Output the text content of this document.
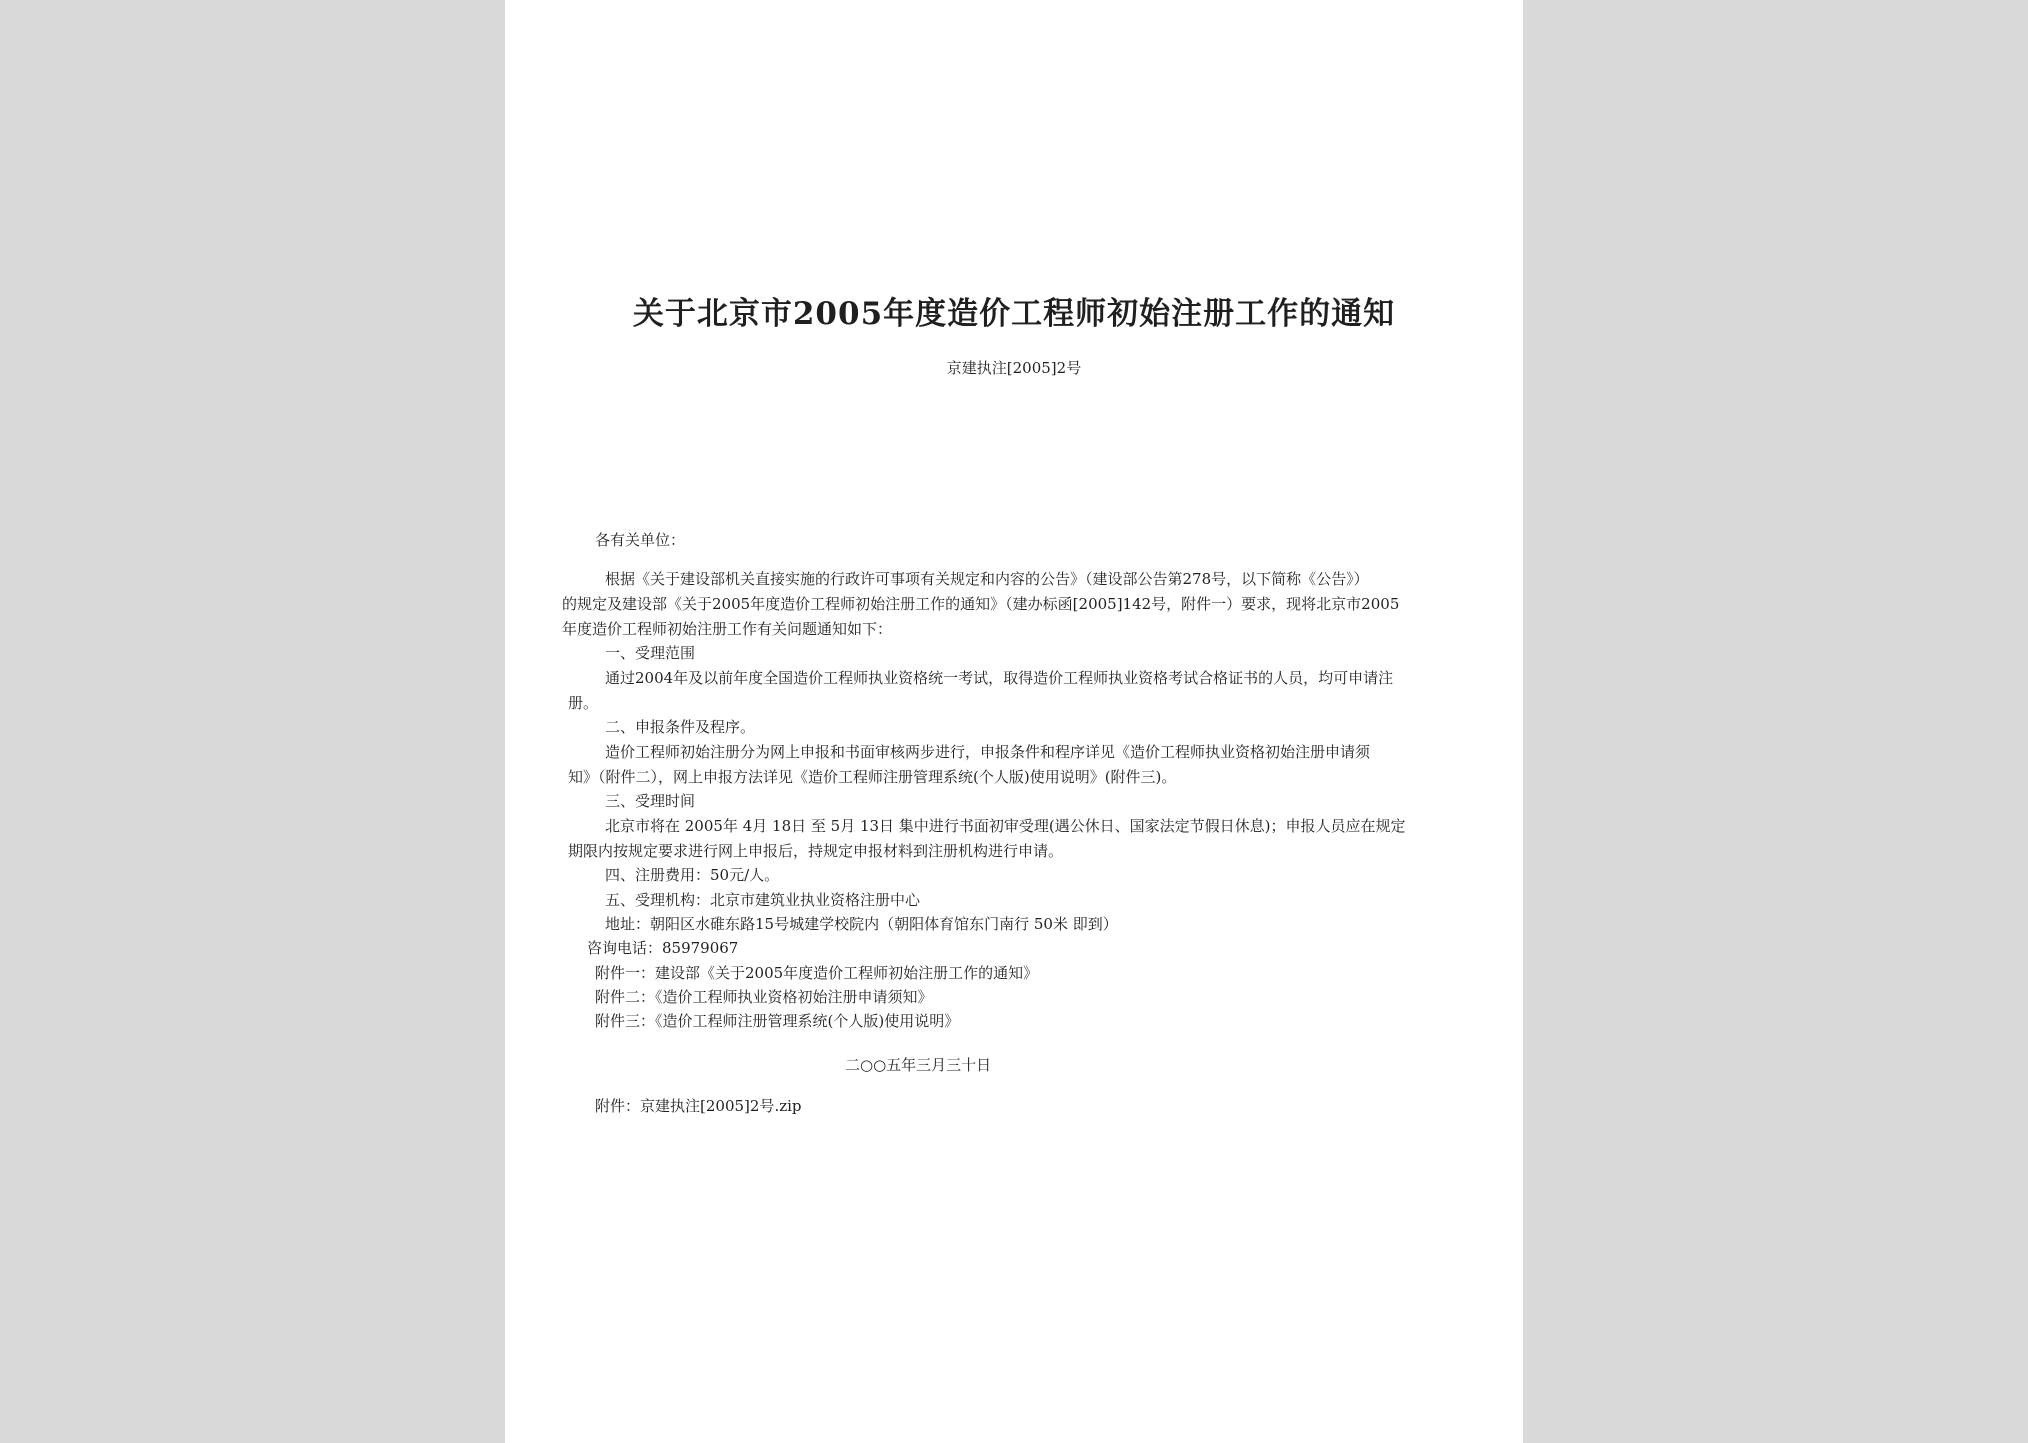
关于北京市2005年度造价工程师初始注册工作的通知
京建执注[2005]2号
各有关单位：
根据《关于建设部机关直接实施的行政许可事项有关规定和内容的公告》（建设部公告第278号，以下简称《公告》）
的规定及建设部《关于2005年度造价工程师初始注册工作的通知》（建办标函[2005]142号，附件一）要求，现将北京市2005
年度造价工程师初始注册工作有关问题通知如下：
一、受理范围
通过2004年及以前年度全国造价工程师执业资格统一考试，取得造价工程师执业资格考试合格证书的人员，均可申请注
册。
二、申报条件及程序。
造价工程师初始注册分为网上申报和书面审核两步进行，申报条件和程序详见《造价工程师执业资格初始注册申请须
知》（附件二），网上申报方法详见《造价工程师注册管理系统(个人版)使用说明》(附件三)。
三、受理时间
北京市将在 2005年 4月 18日 至 5月 13日 集中进行书面初审受理(遇公休日、国家法定节假日休息)；申报人员应在规定
期限内按规定要求进行网上申报后，持规定申报材料到注册机构进行申请。
四、注册费用：50元/人。
五、受理机构：北京市建筑业执业资格注册中心
地址：朝阳区水碓东路15号城建学校院内（朝阳体育馆东门南行 50米 即到）
咨询电话：85979067
附件一：建设部《关于2005年度造价工程师初始注册工作的通知》
附件二：《造价工程师执业资格初始注册申请须知》
附件三：《造价工程师注册管理系统(个人版)使用说明》
二○○五年三月三十日
附件：京建执注[2005]2号.zip
